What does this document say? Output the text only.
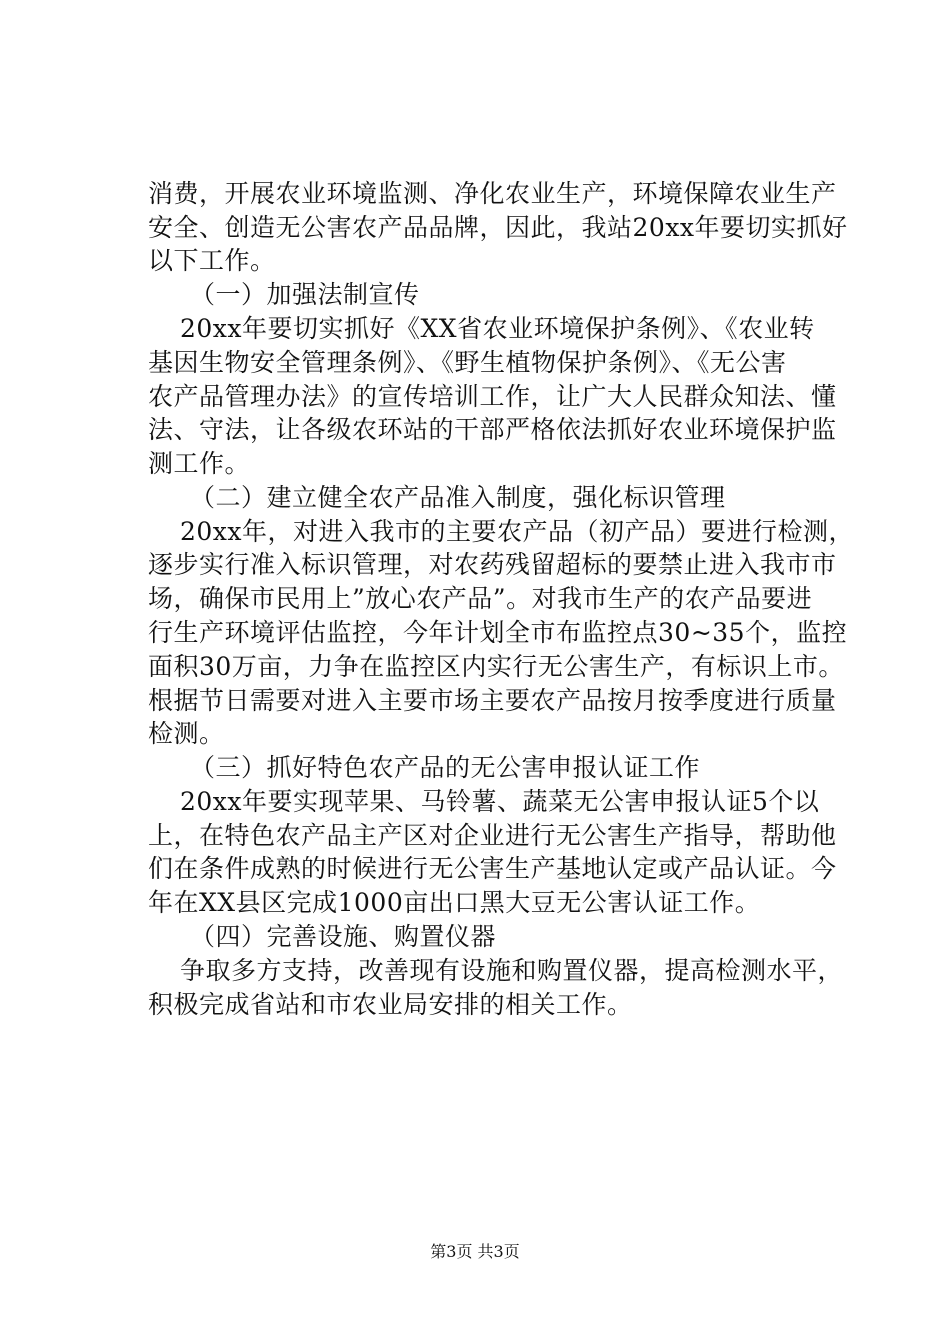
消费，开展农业环境监测、净化农业生产，环境保障农业生产
安全、创造无公害农产品品牌，因此，我站20xx年要切实抓好
以下工作。
（一）加强法制宣传
20xx年要切实抓好《XX省农业环境保护条例》、《农业转
基因生物安全管理条例》、《野生植物保护条例》、《无公害
农产品管理办法》的宣传培训工作，让广大人民群众知法、懂
法、守法，让各级农环站的干部严格依法抓好农业环境保护监
测工作。
（二）建立健全农产品准入制度，强化标识管理
20xx年，对进入我市的主要农产品（初产品）要进行检测，
逐步实行准入标识管理，对农药残留超标的要禁止进入我市市
场，确保市民用上”放心农产品”。对我市生产的农产品要进
行生产环境评估监控，今年计划全市布监控点30~35个，监控
面积30万亩，力争在监控区内实行无公害生产，有标识上市。
根据节日需要对进入主要市场主要农产品按月按季度进行质量
检测。
（三）抓好特色农产品的无公害申报认证工作
20xx年要实现苹果、马铃薯、蔬菜无公害申报认证5个以
上，在特色农产品主产区对企业进行无公害生产指导，帮助他
们在条件成熟的时候进行无公害生产基地认定或产品认证。今
年在XX县区完成1000亩出口黑大豆无公害认证工作。
（四）完善设施、购置仪器
争取多方支持，改善现有设施和购置仪器，提高检测水平，
积极完成省站和市农业局安排的相关工作。
第3页 共3页
